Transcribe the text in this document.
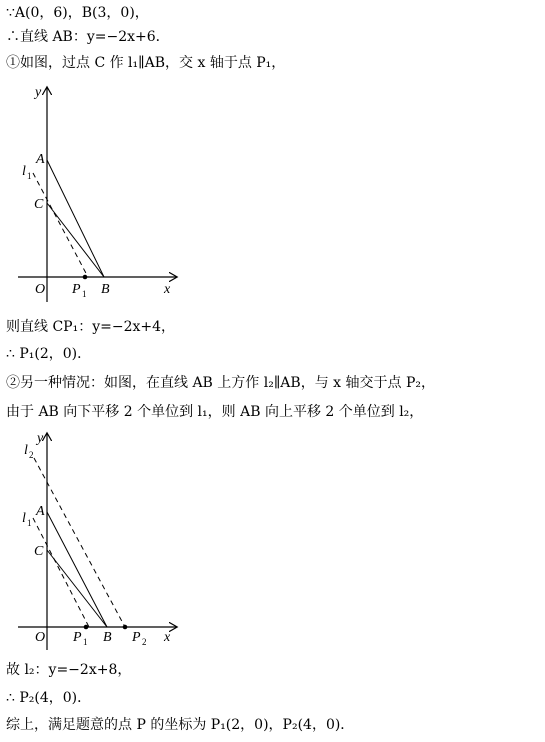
∵A(0，6)，B(3，0)，
∴直线 AB：y=−2x+6．
①如图，过点 C 作 l₁∥AB，交 x 轴于点 P₁，
y
x
A
C
O	B
P 1
l 1
则直线 CP₁：y=−2x+4，
∴ P₁(2，0)．
②另一种情况：如图，在直线 AB 上方作 l₂∥AB，与 x 轴交于点 P₂，
由于 AB 向下平移 2 个单位到 l₁，则 AB 向上平移 2 个单位到 l₂，
y
x
A
C
O	B
P 1	P 2
l 1
l 2
故 l₂：y=−2x+8，
∴ P₂(4，0)．
综上，满足题意的点 P 的坐标为 P₁(2，0)，P₂(4，0)．
